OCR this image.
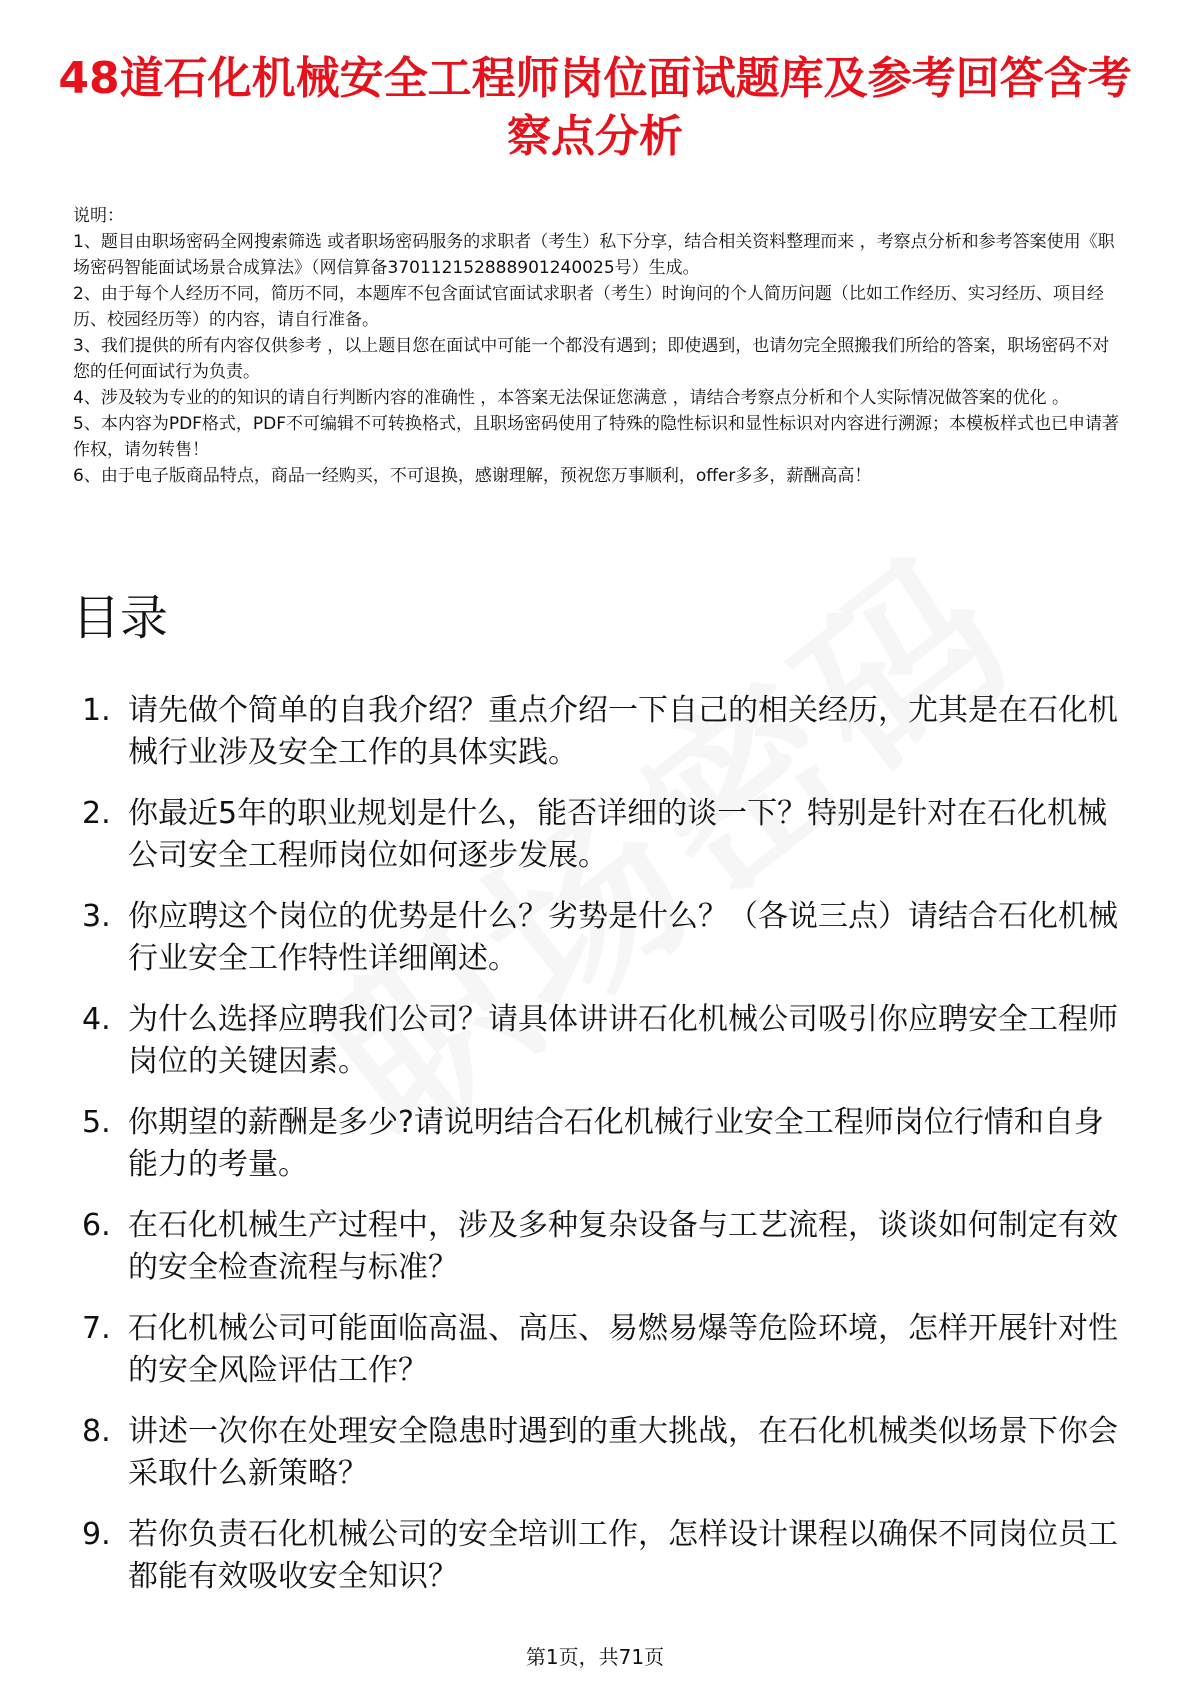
48道石化机械安全工程师岗位面试题库及参考回答含考察点分析

说明：

1、题目由职场密码全网搜索筛选 或者职场密码服务的求职者（考生）私下分享，结合相关资料整理而来 ，考察点分析和参考答案使用《职场密码智能面试场景合成算法》（网信算备370112152888901240025号）生成。

2、由于每个人经历不同，简历不同，本题库不包含面试官面试求职者（考生）时询问的个人简历问题（比如工作经历、实习经历、项目经历、校园经历等）的内容，请自行准备。

3、我们提供的所有内容仅供参考 ，以上题目您在面试中可能一个都没有遇到；即使遇到，也请勿完全照搬我们所给的答案，职场密码不对您的任何面试行为负责。

4、涉及较为专业的的知识的请自行判断内容的准确性 ，本答案无法保证您满意 ，请结合考察点分析和个人实际情况做答案的优化 。

5、本内容为PDF格式，PDF不可编辑不可转换格式，且职场密码使用了特殊的隐性标识和显性标识对内容进行溯源；本模板样式也已申请著作权，请勿转售！

6、由于电子版商品特点，商品一经购买，不可退换，感谢理解，预祝您万事顺利，offer多多，薪酬高高！

目录
1. 请先做个简单的自我介绍？重点介绍一下自己的相关经历，尤其是在石化机械行业涉及安全工作的具体实践。
2. 你最近5年的职业规划是什么，能否详细的谈一下？特别是针对在石化机械公司安全工程师岗位如何逐步发展。
3. 你应聘这个岗位的优势是什么？劣势是什么？（各说三点）请结合石化机械行业安全工作特性详细阐述。
4. 为什么选择应聘我们公司？请具体讲讲石化机械公司吸引你应聘安全工程师岗位的关键因素。
5. 你期望的薪酬是多少?请说明结合石化机械行业安全工程师岗位行情和自身能力的考量。
6. 在石化机械生产过程中，涉及多种复杂设备与工艺流程，谈谈如何制定有效的安全检查流程与标准？
7. 石化机械公司可能面临高温、高压、易燃易爆等危险环境，怎样开展针对性的安全风险评估工作？
8. 讲述一次你在处理安全隐患时遇到的重大挑战，在石化机械类似场景下你会采取什么新策略？
9. 若你负责石化机械公司的安全培训工作，怎样设计课程以确保不同岗位员工都能有效吸收安全知识？
第1页，共71页
